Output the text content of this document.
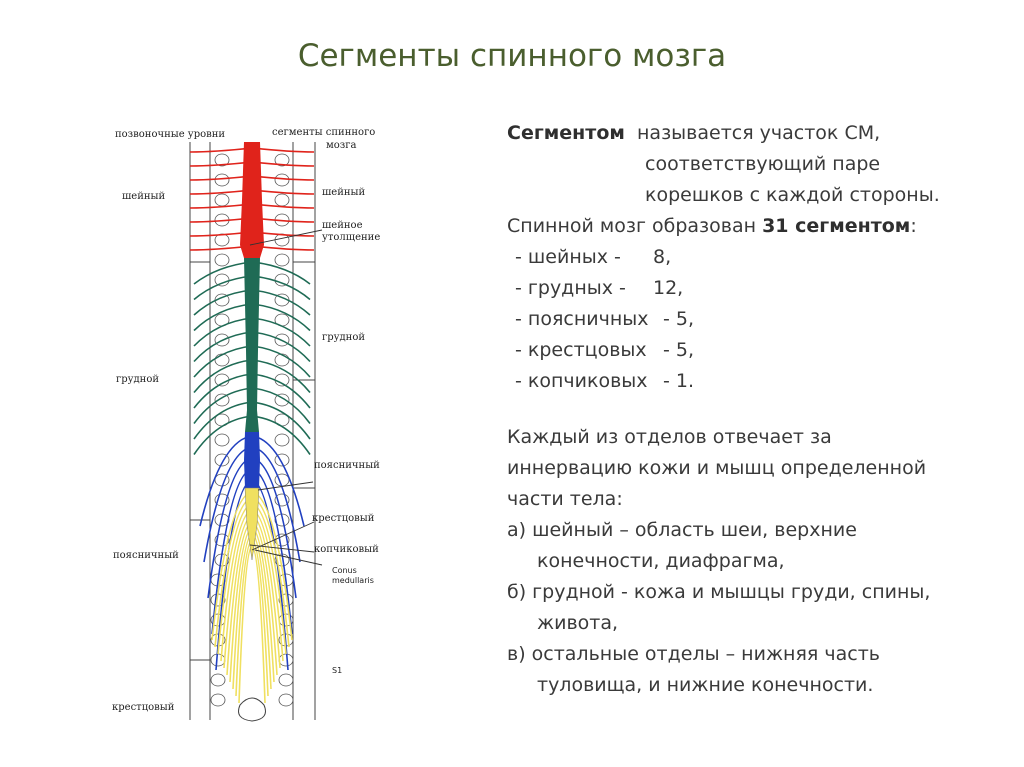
Сегменты спинного мозга
позвоночные уровни	сегменты спинного
мозга
шейный	шейный
шейное
утолщение
грудной
грудной
поясничный
крестцовый
копчиковый
поясничный
Conus
medullaris
S1
крестцовый
Сегментом называется участок СМ,
соответствующий паре
корешков с каждой стороны.
Спинной мозг образован 31 сегментом:
- шейных - 8,
- грудных - 12,
- поясничных - 5,
- крестцовых - 5,
- копчиковых - 1.
Каждый из отделов отвечает за
иннервацию кожи и мышц определенной
части тела:
а) шейный – область шеи, верхние
конечности, диафрагма,
б) грудной - кожа и мышцы груди, спины,
живота,
в) остальные отделы – нижняя часть
туловища, и нижние конечности.
